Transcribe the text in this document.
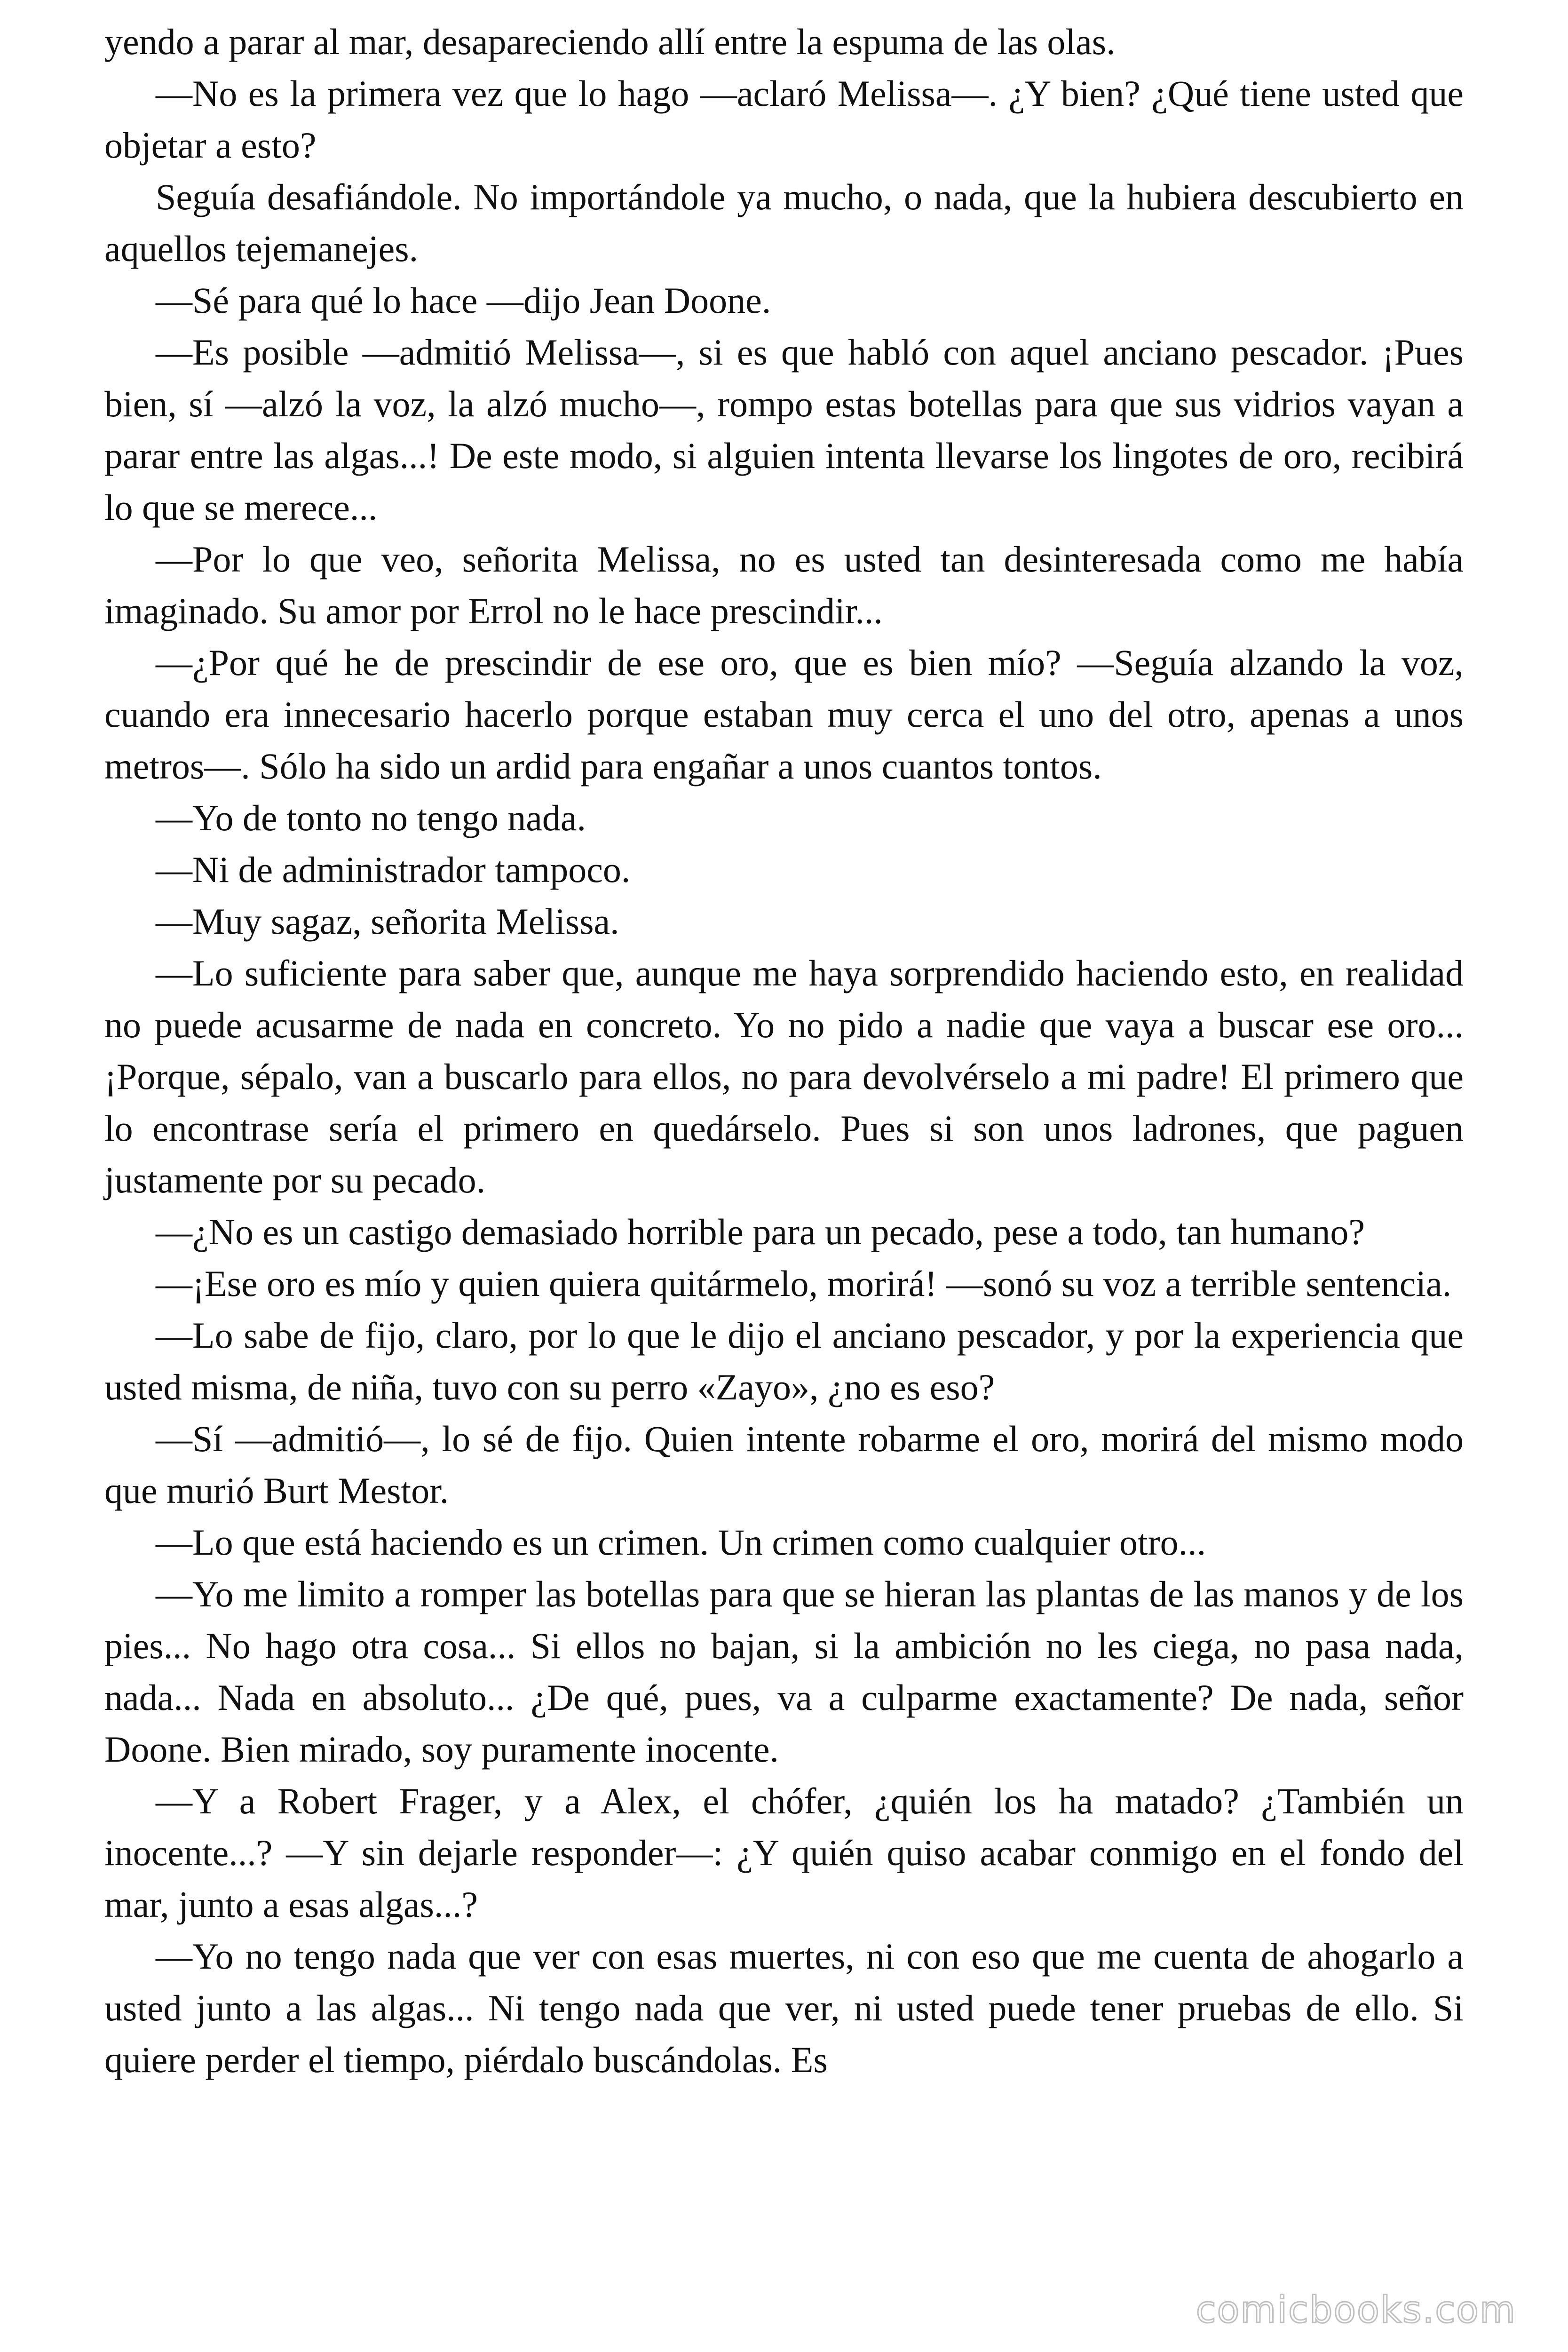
yendo a parar al mar, desapareciendo allí entre la espuma de las olas.

—No es la primera vez que lo hago —aclaró Melissa—. ¿Y bien? ¿Qué tiene usted que objetar a esto?

Seguía desafiándole. No importándole ya mucho, o nada, que la hubiera descubierto en aquellos tejemanejes.

—Sé para qué lo hace —dijo Jean Doone.

—Es posible —admitió Melissa—, si es que habló con aquel anciano pescador. ¡Pues bien, sí —alzó la voz, la alzó mucho—, rompo estas botellas para que sus vidrios vayan a parar entre las algas...! De este modo, si alguien intenta llevarse los lingotes de oro, recibirá lo que se merece...

—Por lo que veo, señorita Melissa, no es usted tan desinteresada como me había imaginado. Su amor por Errol no le hace prescindir...

—¿Por qué he de prescindir de ese oro, que es bien mío? —Seguía alzando la voz, cuando era innecesario hacerlo porque estaban muy cerca el uno del otro, apenas a unos metros—. Sólo ha sido un ardid para engañar a unos cuantos tontos.

—Yo de tonto no tengo nada.

—Ni de administrador tampoco.

—Muy sagaz, señorita Melissa.

—Lo suficiente para saber que, aunque me haya sorprendido haciendo esto, en realidad no puede acusarme de nada en concreto. Yo no pido a nadie que vaya a buscar ese oro... ¡Porque, sépalo, van a buscarlo para ellos, no para devolvérselo a mi padre! El primero que lo encontrase sería el primero en quedárselo. Pues si son unos ladrones, que paguen justamente por su pecado.

—¿No es un castigo demasiado horrible para un pecado, pese a todo, tan humano?

—¡Ese oro es mío y quien quiera quitármelo, morirá! —sonó su voz a terrible sentencia.

—Lo sabe de fijo, claro, por lo que le dijo el anciano pescador, y por la experiencia que usted misma, de niña, tuvo con su perro «Zayo», ¿no es eso?

—Sí —admitió—, lo sé de fijo. Quien intente robarme el oro, morirá del mismo modo que murió Burt Mestor.

—Lo que está haciendo es un crimen. Un crimen como cualquier otro...

—Yo me limito a romper las botellas para que se hieran las plantas de las manos y de los pies... No hago otra cosa... Si ellos no bajan, si la ambición no les ciega, no pasa nada, nada... Nada en absoluto... ¿De qué, pues, va a culparme exactamente? De nada, señor Doone. Bien mirado, soy puramente inocente.

—Y a Robert Frager, y a Alex, el chófer, ¿quién los ha matado? ¿También un inocente...? —Y sin dejarle responder—: ¿Y quién quiso acabar conmigo en el fondo del mar, junto a esas algas...?

—Yo no tengo nada que ver con esas muertes, ni con eso que me cuenta de ahogarlo a usted junto a las algas... Ni tengo nada que ver, ni usted puede tener pruebas de ello. Si quiere perder el tiempo, piérdalo buscándolas. Es

comicbooks.com
